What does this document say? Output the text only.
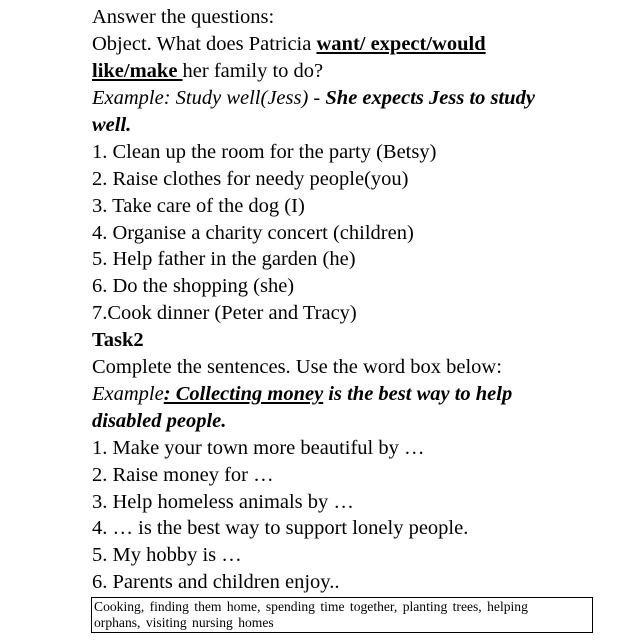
Answer the questions:

Object. What does Patricia want/ expect/would

like/make her family to do?

Example: Study well(Jess) - She expects Jess to study

well.

1. Clean up the room for the party (Betsy)

2. Raise clothes for needy people(you)

3. Take care of the dog (I)

4. Organise a charity concert (children)

5. Help father in the garden (he)

6. Do the shopping (she)

7.Cook dinner (Peter and Tracy)

Task2

Complete the sentences. Use the word box below:

Example: Collecting money is the best way to help

disabled people.

1. Make your town more beautiful by …

2. Raise money for …

3. Help homeless animals by …

4. … is the best way to support lonely people.

5. My hobby is …

6. Parents and children enjoy..

Cooking, finding them home, spending time together, planting trees, helping
orphans, visiting nursing homes
